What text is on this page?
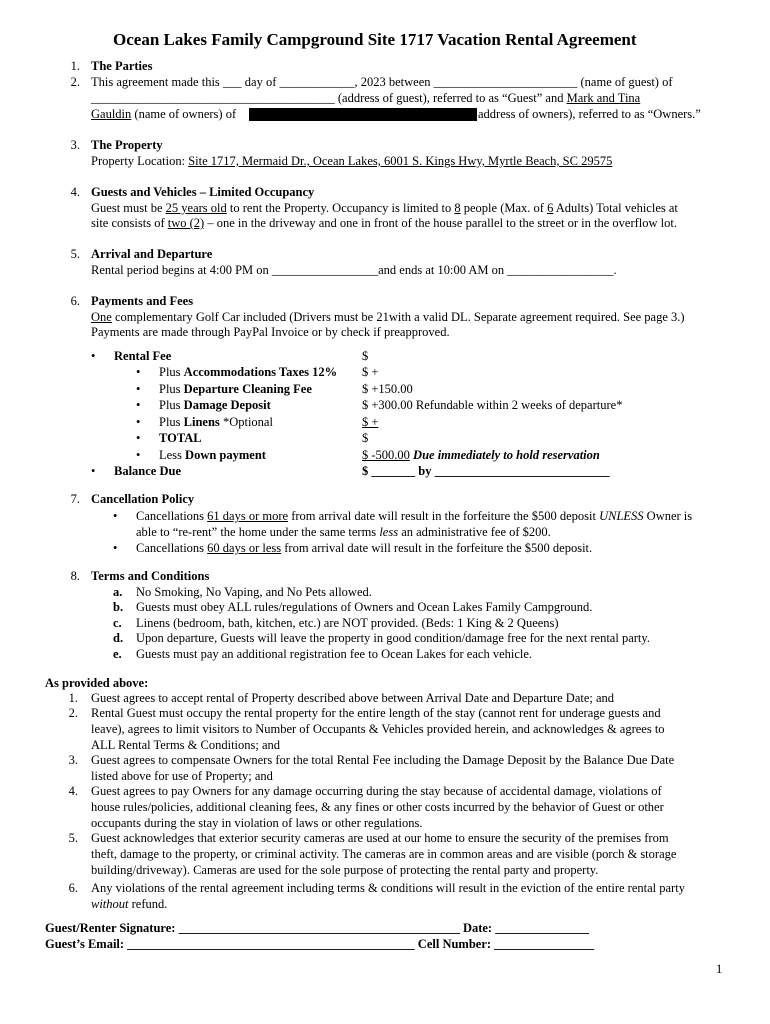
Ocean Lakes Family Campground Site 1717 Vacation Rental Agreement
1. The Parties
2. This agreement made this ___ day of ____________, 2023 between _______________________ (name of guest) of
_______________________________________ (address of guest), referred to as “Guest” and Mark and Tina
Gauldin (name of owners) of	address of owners), referred to as “Owners.”
3. The Property
Property Location: Site 1717, Mermaid Dr., Ocean Lakes, 6001 S. Kings Hwy, Myrtle Beach, SC 29575
4. Guests and Vehicles – Limited Occupancy
Guest must be 25 years old to rent the Property. Occupancy is limited to 8 people (Max. of 6 Adults) Total vehicles at
site consists of two (2) – one in the driveway and one in front of the house parallel to the street or in the overflow lot.
5. Arrival and Departure
Rental period begins at 4:00 PM on _________________and ends at 10:00 AM on _________________.
6. Payments and Fees
One complementary Golf Car included (Drivers must be 21with a valid DL. Separate agreement required. See page 3.)
Payments are made through PayPal Invoice or by check if preapproved.
• Rental Fee	$
• Plus Accommodations Taxes 12% $ +
• Plus Departure Cleaning Fee	$ +150.00
• Plus Damage Deposit	$ +300.00 Refundable within 2 weeks of departure*
• Plus Linens *Optional	$ +
• TOTAL	$
• Less Down payment	$ -500.00 Due immediately to hold reservation
• Balance Due	$ _______ by ____________________________
7. Cancellation Policy
• Cancellations 61 days or more from arrival date will result in the forfeiture the $500 deposit UNLESS Owner is
able to “re-rent” the home under the same terms less an administrative fee of $200.
• Cancellations 60 days or less from arrival date will result in the forfeiture the $500 deposit.
8. Terms and Conditions
a. No Smoking, No Vaping, and No Pets allowed.
b. Guests must obey ALL rules/regulations of Owners and Ocean Lakes Family Campground.
c. Linens (bedroom, bath, kitchen, etc.) are NOT provided. (Beds: 1 King & 2 Queens)
d. Upon departure, Guests will leave the property in good condition/damage free for the next rental party.
e. Guests must pay an additional registration fee to Ocean Lakes for each vehicle.
As provided above:
1. Guest agrees to accept rental of Property described above between Arrival Date and Departure Date; and
2. Rental Guest must occupy the rental property for the entire length of the stay (cannot rent for underage guests and
leave), agrees to limit visitors to Number of Occupants & Vehicles provided herein, and acknowledges & agrees to
ALL Rental Terms & Conditions; and
3. Guest agrees to compensate Owners for the total Rental Fee including the Damage Deposit by the Balance Due Date
listed above for use of Property; and
4. Guest agrees to pay Owners for any damage occurring during the stay because of accidental damage, violations of
house rules/policies, additional cleaning fees, & any fines or other costs incurred by the behavior of Guest or other
occupants during the stay in violation of laws or other regulations.
5. Guest acknowledges that exterior security cameras are used at our home to ensure the security of the premises from
theft, damage to the property, or criminal activity. The cameras are in common areas and are visible (porch & storage
building/driveway). Cameras are used for the sole purpose of protecting the rental party and property.
6. Any violations of the rental agreement including terms & conditions will result in the eviction of the entire rental party
without refund.
Guest/Renter Signature: _____________________________________________ Date: _______________
Guest’s Email: ______________________________________________ Cell Number: ________________
1
